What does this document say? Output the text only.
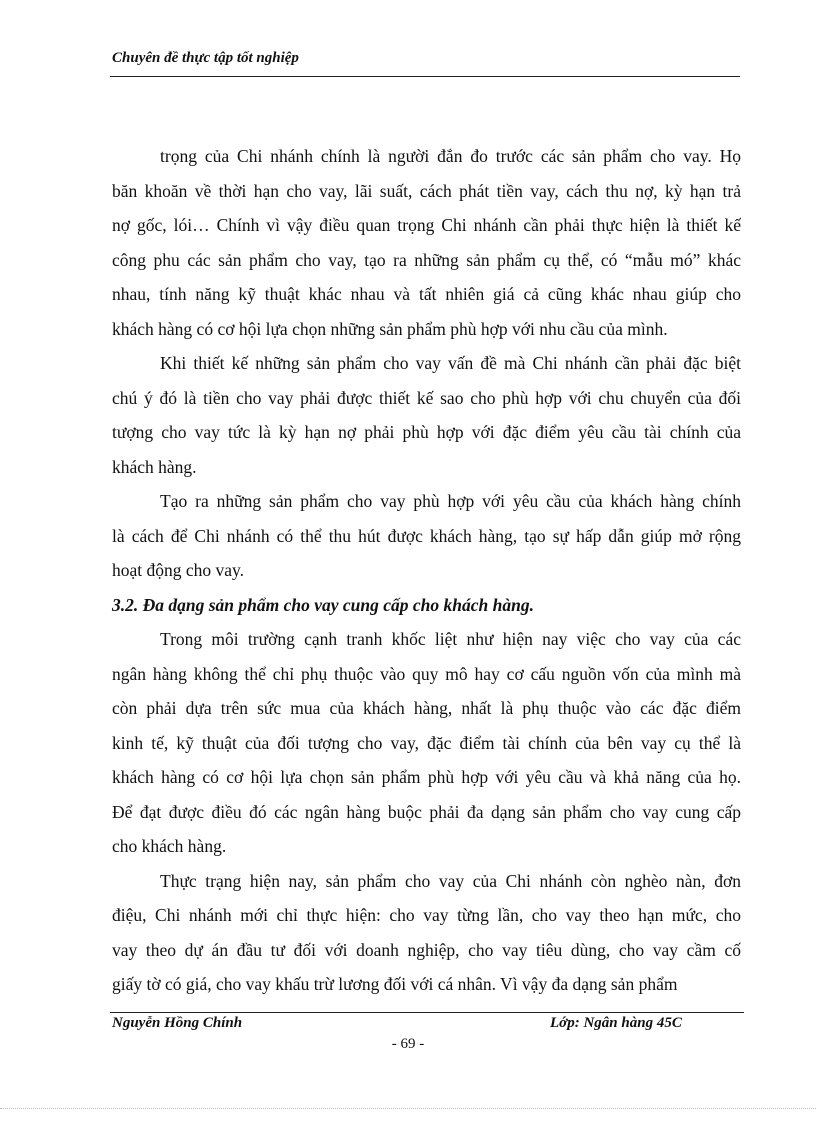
Chuyên đề thực tập tốt nghiệp
trọng của Chi nhánh chính là người đắn đo trước các sản phẩm cho vay. Họ
băn khoăn về thời hạn cho vay, lãi suất, cách phát tiền vay, cách thu nợ, kỳ hạn trả
nợ gốc, lói… Chính vì vậy điều quan trọng Chi nhánh cần phải thực hiện là thiết kế
công phu các sản phẩm cho vay, tạo ra những sản phẩm cụ thể, có “mẫu mó” khác
nhau, tính năng kỹ thuật khác nhau và tất nhiên giá cả cũng khác nhau giúp cho
khách hàng có cơ hội lựa chọn những sản phẩm phù hợp với nhu cầu của mình.
Khi thiết kế những sản phẩm cho vay vấn đề mà Chi nhánh cần phải đặc biệt
chú ý đó là tiền cho vay phải được thiết kế sao cho phù hợp với chu chuyển của đối
tượng cho vay tức là kỳ hạn nợ phải phù hợp với đặc điểm yêu cầu tài chính của
khách hàng.
Tạo ra những sản phẩm cho vay phù hợp với yêu cầu của khách hàng chính
là cách để Chi nhánh có thể thu hút được khách hàng, tạo sự hấp dẫn giúp mở rộng
hoạt động cho vay.
3.2. Đa dạng sản phẩm cho vay cung cấp cho khách hàng.
Trong môi trường cạnh tranh khốc liệt như hiện nay việc cho vay của các
ngân hàng không thể chỉ phụ thuộc vào quy mô hay cơ cấu nguồn vốn của mình mà
còn phải dựa trên sức mua của khách hàng, nhất là phụ thuộc vào các đặc điểm
kinh tế, kỹ thuật của đối tượng cho vay, đặc điểm tài chính của bên vay cụ thể là
khách hàng có cơ hội lựa chọn sản phẩm phù hợp với yêu cầu và khả năng của họ.
Để đạt được điều đó các ngân hàng buộc phải đa dạng sản phẩm cho vay cung cấp
cho khách hàng.
Thực trạng hiện nay, sản phẩm cho vay của Chi nhánh còn nghèo nàn, đơn
điệu, Chi nhánh mới chỉ thực hiện: cho vay từng lần, cho vay theo hạn mức, cho
vay theo dự án đầu tư đối với doanh nghiệp, cho vay tiêu dùng, cho vay cầm cố
giấy tờ có giá, cho vay khấu trừ lương đối với cá nhân. Vì vậy đa dạng sản phẩm
Nguyễn Hồng Chính	Lớp: Ngân hàng 45C
- 69 -
